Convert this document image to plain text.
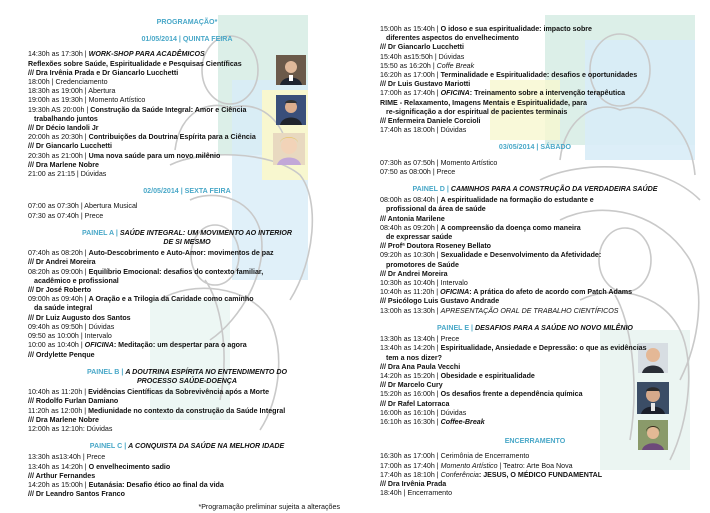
PROGRAMAÇÃO*
01/05/2014 | QUINTA FEIRA
14:30h as 17:30h | WORK-SHOP PARA ACADÊMICOS
Reflexões sobre Saúde, Espiritualidade e Pesquisas Científicas
/// Dra Irvênia Prada e Dr Giancarlo Lucchetti
18:00h | Credenciamento
18:30h as 19:00h | Abertura
19:00h as 19:30h | Momento Artístico
19:30h AS 20:00h | Construção da Saúde Integral: Amor e Ciência
trabalhando juntos
/// Dr Décio Iandoli Jr
20:00h as 20:30h | Contribuições da Doutrina Espírita para a Ciência
/// Dr Giancarlo Lucchetti
20:30h as 21:00h | Uma nova saúde para um novo milênio
/// Dra Marlene Nobre
21:00 as 21:15 | Dúvidas
02/05/2014 | SEXTA FEIRA
07:00 as 07:30h | Abertura Musical
07:30 as 07:40h | Prece
PAINEL A | SAÚDE INTEGRAL: UM MOVIMENTO AO INTERIOR
DE SI MESMO
07:40h as 08:20h | Auto-Descobrimento e Auto-Amor: movimentos de paz
/// Dr Andrei Moreira
08:20h as 09:00h | Equilíbrio Emocional: desafios do contexto familiar,
acadêmico e profissional
/// Dr José Roberto
09:00h as 09:40h | A Oração e a Trilogia da Caridade como caminho
da saúde integral
/// Dr Luiz Augusto dos Santos
09:40h as 09:50h | Dúvidas
09:50 as 10:00h | Intervalo
10:00 as 10:40h | OFICINA: Meditação: um despertar para o agora
/// Ordylette Penque
PAINEL B | A DOUTRINA ESPÍRITA NO ENTENDIMENTO DO
PROCESSO SAÚDE-DOENÇA
10:40h as 11:20h | Evidências Científicas da Sobrevivência após a Morte
/// Rodolfo Furlan Damiano
11:20h as 12:00h | Mediunidade no contexto da construção da Saúde Integral
/// Dra Marlene Nobre
12:00h as 12:10h: Dúvidas
PAINEL C | A CONQUISTA DA SAÚDE NA MELHOR IDADE
13:30h as13:40h | Prece
13:40h as 14:20h | O envelhecimento sadio
/// Arthur Fernandes
14:20h as 15:00h | Eutanásia: Desafio ético ao final da vida
/// Dr Leandro Santos Franco
*Programação preliminar sujeita a alterações
15:00h as 15:40h | O idoso e sua espiritualidade: impacto sobre
diferentes aspectos do envelhecimento
/// Dr Giancarlo Lucchetti
15:40h as15:50h | Dúvidas
15:50 as 16:20h | Coffe Break
16:20h as 17:00h | Terminalidade e Espiritualidade: desafios e oportunidades
/// Dr Luis Gustavo Mariotti
17:00h as 17:40h | OFICINA: Treinamento sobre a intervenção terapêutica
RIME - Relaxamento, Imagens Mentais e Espiritualidade, para
re-significação a dor espiritual de pacientes terminais
/// Enfermeira Daniele Corcioli
17:40h as 18:00h | Dúvidas
03/05/2014 | SÁBADO
07:30h as 07:50h | Momento Artístico
07:50 as 08:00h | Prece
PAINEL D | CAMINHOS PARA A CONSTRUÇÃO DA VERDADEIRA SAÚDE
08:00h as 08:40h | A espiritualidade na formação do estudante e
profissional da área de saúde
/// Antonia Marilene
08:40h as 09:20h | A compreensão da doença como maneira
de expressar saúde
/// Profª Doutora Roseney Bellato
09:20h as 10:30h | Sexualidade e Desenvolvimento da Afetividade:
promotores de Saúde
/// Dr Andrei Moreira
10:30h as 10:40h | Intervalo
10:40h as 11:20h | OFICINA: A prática do afeto de acordo com Patch Adams
/// Psicólogo Luis Gustavo Andrade
13:00h as 13:30h | APRESENTAÇÃO ORAL DE TRABALHO CIENTÍFICOS
PAINEL E | DESAFIOS PARA A SAÚDE NO NOVO MILÊNIO
13:30h as 13:40h | Prece
13:40h as 14:20h | Espiritualidade, Ansiedade e Depressão: o que as evidências
tem a nos dizer?
/// Dra Ana Paula Vecchi
14:20h as 15:20h | Obesidade e espiritualidade
/// Dr Marcelo Cury
15:20h as 16:00h | Os desafios frente a dependência química
/// Dr Rafel Latorraca
16:00h as 16:10h | Dúvidas
16:10h as 16:30h | Coffee-Break
ENCERRAMENTO
16:30h as 17:00h | Cerimônia de Encerramento
17:00h as 17:40h | Momento Artístico | Teatro: Arte Boa Nova
17:40h as 18:10h | Conferência: JESUS, O MÉDICO FUNDAMENTAL
/// Dra Irvênia Prada
18:40h | Encerramento
